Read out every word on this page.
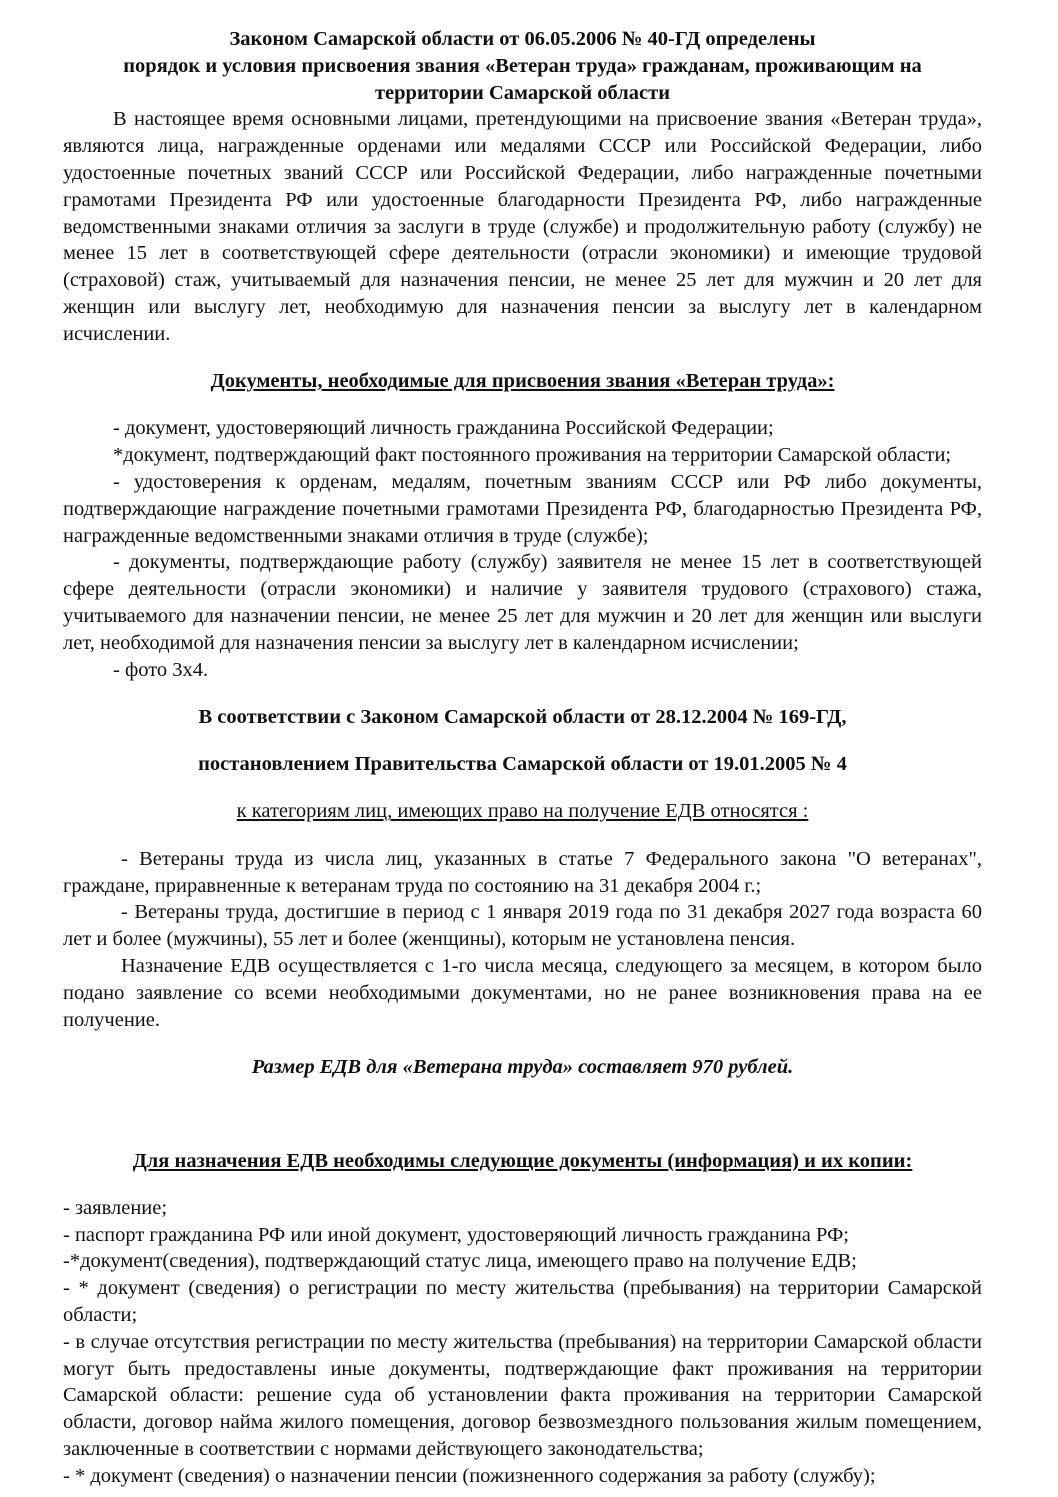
Законом Самарской области от 06.05.2006 № 40-ГД определены

порядок и условия присвоения звания «Ветеран труда» гражданам, проживающим на

территории Самарской области

В настоящее время основными лицами, претендующими на присвоение звания «Ветеран труда», являются лица, награжденные орденами или медалями СССР или Российской Федерации, либо удостоенные почетных званий СССР или Российской Федерации, либо награжденные почетными грамотами Президента РФ или удостоенные благодарности Президента РФ, либо награжденные ведомственными знаками отличия за заслуги в труде (службе) и продолжительную работу (службу) не менее 15 лет в соответствующей сфере деятельности (отрасли экономики) и имеющие трудовой (страховой) стаж, учитываемый для назначения пенсии, не менее 25 лет для мужчин и 20 лет для женщин или выслугу лет, необходимую для назначения пенсии за выслугу лет в календарном исчислении.

Документы, необходимые для присвоения звания «Ветеран труда»:

- документ, удостоверяющий личность гражданина Российской Федерации;

*документ, подтверждающий факт постоянного проживания на территории Самарской области;

- удостоверения к орденам, медалям, почетным званиям СССР или РФ либо документы, подтверждающие награждение почетными грамотами Президента РФ, благодарностью Президента РФ, награжденные ведомственными знаками отличия в труде (службе);

- документы, подтверждающие работу (службу) заявителя не менее 15 лет в соответствующей сфере деятельности (отрасли экономики) и наличие у заявителя трудового (страхового) стажа, учитываемого для назначении пенсии, не менее 25 лет для мужчин и 20 лет для женщин или выслуги лет, необходимой для назначения пенсии за выслугу лет в календарном исчислении;

- фото 3х4.

В соответствии с Законом Самарской области от 28.12.2004 № 169-ГД,

постановлением Правительства Самарской области от 19.01.2005 № 4

к категориям лиц, имеющих право на получение ЕДВ относятся :

- Ветераны труда из числа лиц, указанных в статье 7 Федерального закона "О ветеранах", граждане, приравненные к ветеранам труда по состоянию на 31 декабря 2004 г.;

- Ветераны труда, достигшие в период с 1 января 2019 года по 31 декабря 2027 года возраста 60 лет и более (мужчины), 55 лет и более (женщины), которым не установлена пенсия.

Назначение ЕДВ осуществляется с 1-го числа месяца, следующего за месяцем, в котором было подано заявление со всеми необходимыми документами, но не ранее возникновения права на ее получение.

Размер ЕДВ для «Ветерана труда» составляет 970 рублей.

Для назначения ЕДВ необходимы следующие документы (информация) и их копии:

- заявление;

- паспорт гражданина РФ или иной документ, удостоверяющий личность гражданина РФ;

-*документ(сведения), подтверждающий статус лица, имеющего право на получение ЕДВ;

- * документ (сведения) о регистрации по месту жительства (пребывания) на территории Самарской области;

- в случае отсутствия регистрации по месту жительства (пребывания) на территории Самарской области могут быть предоставлены иные документы, подтверждающие факт проживания на территории Самарской области: решение суда об установлении факта проживания на территории Самарской области, договор найма жилого помещения, договор безвозмездного пользования жилым помещением, заключенные в соответствии с нормами действующего законодательства;

- * документ (сведения) о назначении пенсии (пожизненного содержания за работу (службу);
